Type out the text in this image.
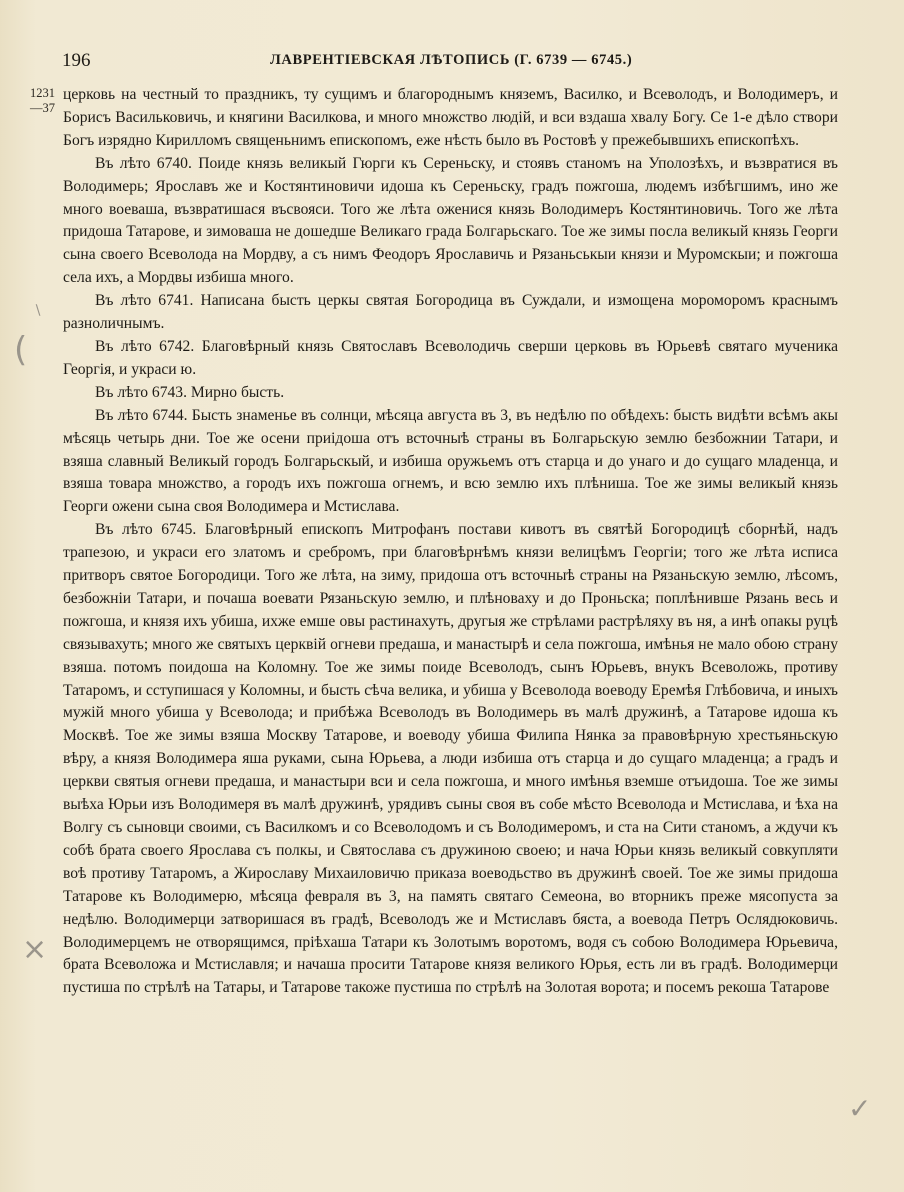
196	ЛАВРЕНТІЕВСКАЯ ЛѢТОПИСЬ (Г. 6739 — 6745.)
1231
—37

церковь на честный то праздникъ, ту сущимъ и благороднымъ княземъ, Василко, и Всеволодъ, и Володимеръ, и Борисъ Васильковичь, и княгини Василкова, и много множство людій, и вси вздаша хвалу Богу. Се 1-е дѣло створи Богъ изрядно Кирилломъ священьнимъ епископомъ, еже нѣсть было въ Ростовѣ у прежебывшихъ епископѣхъ.

Въ лѣто 6740. Поиде князь великый Гюрги къ Сереньску, и стоявъ станомъ на Уполозѣхъ, и възвратися въ Володимерь; Ярославъ же и Костянтиновичи идоша къ Сереньску, градъ пожгоша, людемъ избѣгшимъ, ино же много воеваша, възвратишася въсвояси. Того же лѣта оженися князь Володимеръ Костянтиновичь. Того же лѣта придоша Татарове, и зимоваша не дошедше Великаго града Болгарьскаго. Тое же зимы посла великый князь Георги сына своего Всеволода на Мордву, а съ нимъ Феодоръ Ярославичь и Рязаньськыи князи и Муромскыи; и пожгоша села ихъ, а Мордвы избиша много.

Въ лѣто 6741. Написана бысть церкы святая Богородица въ Суждали, и измощена мороморомъ краснымъ разноличнымъ.

Въ лѣто 6742. Благовѣрный князь Святославъ Всеволодичь сверши церковь въ Юрьевѣ святаго мученика Георгія, и украси ю.

Въ лѣто 6743. Мирно бысть.

Въ лѣто 6744. Бысть знаменье въ солнци, мѣсяца августа въ 3, въ недѣлю по обѣдехъ: бысть видѣти всѣмъ акы мѣсяць четырь дни. Тое же осени приідоша отъ всточныѣ страны въ Болгарьскую землю безбожнии Татари, и взяша славный Великый городъ Болгарьскый, и избиша оружьемъ отъ старца и до унаго и до сущаго младенца, и взяша товара множство, а городъ ихъ пожгоша огнемъ, и всю землю ихъ плѣниша. Тое же зимы великый князь Георги ожени сына своя Володимера и Мстислава.

Въ лѣто 6745. Благовѣрный епископъ Митрофанъ постави кивотъ въ святѣй Богородицѣ сборнѣй, надъ трапезою, и украси его златомъ и сребромъ, при благовѣрнѣмъ князи велицѣмъ Георгіи; того же лѣта исписа притворъ святое Богородици. Того же лѣта, на зиму, придоша отъ всточныѣ страны на Рязаньскую землю, лѣсомъ, безбожніи Татари, и почаша воевати Рязаньскую землю, и плѣноваху и до Проньска; поплѣнивше Рязань весь и пожгоша, и князя ихъ убиша, ихже емше овы растинахуть, другыя же стрѣлами растрѣляху въ ня, а инѣ опакы руцѣ связывахуть; много же святыхъ церквій огневи предаша, и манастырѣ и села пожгоша, имѣнья не мало обою страну взяша. потомъ поидоша на Коломну. Тое же зимы поиде Всеволодъ, сынъ Юрьевъ, внукъ Всеволожь, противу Татаромъ, и сступишася у Коломны, и бысть сѣча велика, и убиша у Всеволода воеводу Еремѣя Глѣбовича, и иныхъ мужій много убиша у Всеволода; и прибѣжа Всеволодъ въ Володимерь въ малѣ дружинѣ, а Татарове идоша къ Москвѣ. Тое же зимы взяша Москву Татарове, и воеводу убиша Филипа Нянка за правовѣрную хрестьяньскую вѣру, а князя Володимера яша руками, сына Юрьева, а люди избиша отъ старца и до сущаго младенца; а градъ и церкви святыя огневи предаша, и манастыри вси и села пожгоша, и много имѣнья вземше отъидоша. Тое же зимы выѣха Юрьи изъ Володимеря въ малѣ дружинѣ, урядивъ сыны своя въ собе мѣсто Всеволода и Мстислава, и ѣха на Волгу съ сыновци своими, съ Василкомъ и со Всеволодомъ и съ Володимеромъ, и ста на Сити станомъ, а ждучи къ собѣ брата своего Ярослава съ полкы, и Святослава съ дружиною своею; и нача Юрьи князь великый совкупляти воѣ противу Татаромъ, а Жирославу Михаиловичю приказа воеводьство въ дружинѣ своей. Тое же зимы придоша Татарове къ Володимерю, мѣсяца февраля въ 3, на память святаго Семеона, во вторникъ преже мясопуста за недѣлю. Володимерци затворишася въ градѣ, Всеволодъ же и Мстиславъ бяста, а воевода Петръ Ослядюковичь. Володимерцемъ не отворящимся, пріѣхаша Татари къ Золотымъ воротомъ, водя съ собою Володимера Юрьевича, брата Всеволожа и Мстиславля; и начаша просити Татарове князя великого Юрья, есть ли въ градѣ. Володимерци пустиша по стрѣлѣ на Татары, и Татарове такоже пустиша по стрѣлѣ на Золотая ворота; и посемъ рекоша Татарове

∖
(
×
✓
